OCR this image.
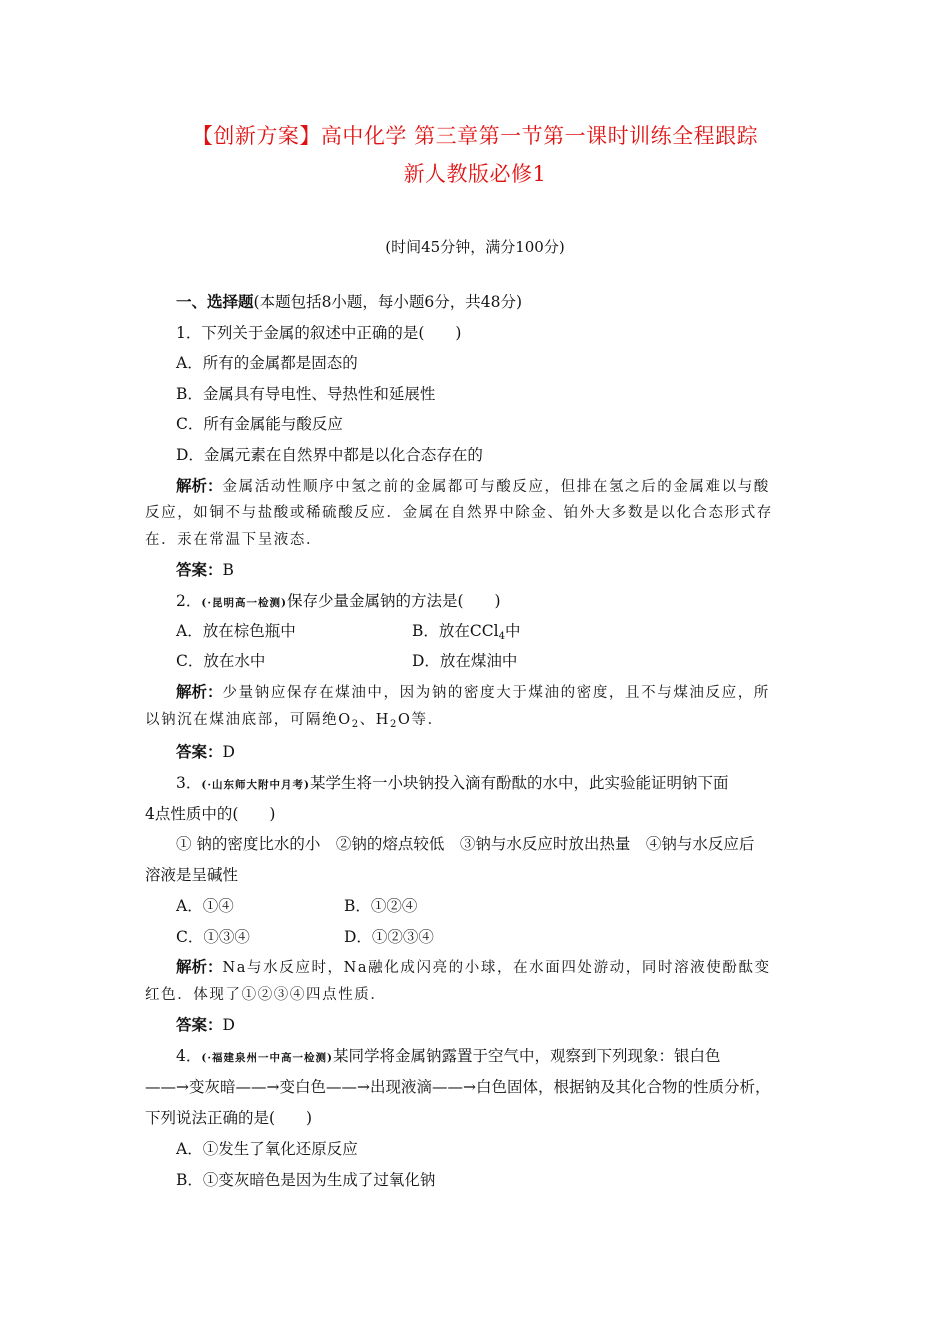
【创新方案】高中化学 第三章第一节第一课时训练全程跟踪
新人教版必修1
(时间45分钟，满分100分)
一、选择题(本题包括8小题，每小题6分，共48分)
1．下列关于金属的叙述中正确的是(　　)
A．所有的金属都是固态的
B．金属具有导电性、导热性和延展性
C．所有金属能与酸反应
D．金属元素在自然界中都是以化合态存在的
解析：金属活动性顺序中氢之前的金属都可与酸反应，但排在氢之后的金属难以与酸
反应，如铜不与盐酸或稀硫酸反应．金属在自然界中除金、铂外大多数是以化合态形式存
在．汞在常温下呈液态．
答案：B
2．(·昆明高一检测)保存少量金属钠的方法是(　　)
A．放在棕色瓶中	B．放在CCl$_4$中
C．放在水中	D．放在煤油中
解析：少量钠应保存在煤油中，因为钠的密度大于煤油的密度，且不与煤油反应，所
以钠沉在煤油底部，可隔绝$O_2$、$H_2O$等．
答案：D
3．(·山东师大附中月考)某学生将一小块钠投入滴有酚酞的水中，此实验能证明钠下面
4点性质中的(　　)
① 钠的密度比水的小　②钠的熔点较低　③钠与水反应时放出热量　④钠与水反应后
溶液是呈碱性
A．①④	B．①②④
C．①③④	D．①②③④
解析：Na与水反应时，Na融化成闪亮的小球，在水面四处游动，同时溶液使酚酞变
红色．体现了①②③④四点性质．
答案：D
4．(·福建泉州一中高一检测)某同学将金属钠露置于空气中，观察到下列现象：银白色
——→变灰暗——→变白色——→出现液滴——→白色固体，根据钠及其化合物的性质分析，
下列说法正确的是(　　)
A．①发生了氧化还原反应
B．①变灰暗色是因为生成了过氧化钠
